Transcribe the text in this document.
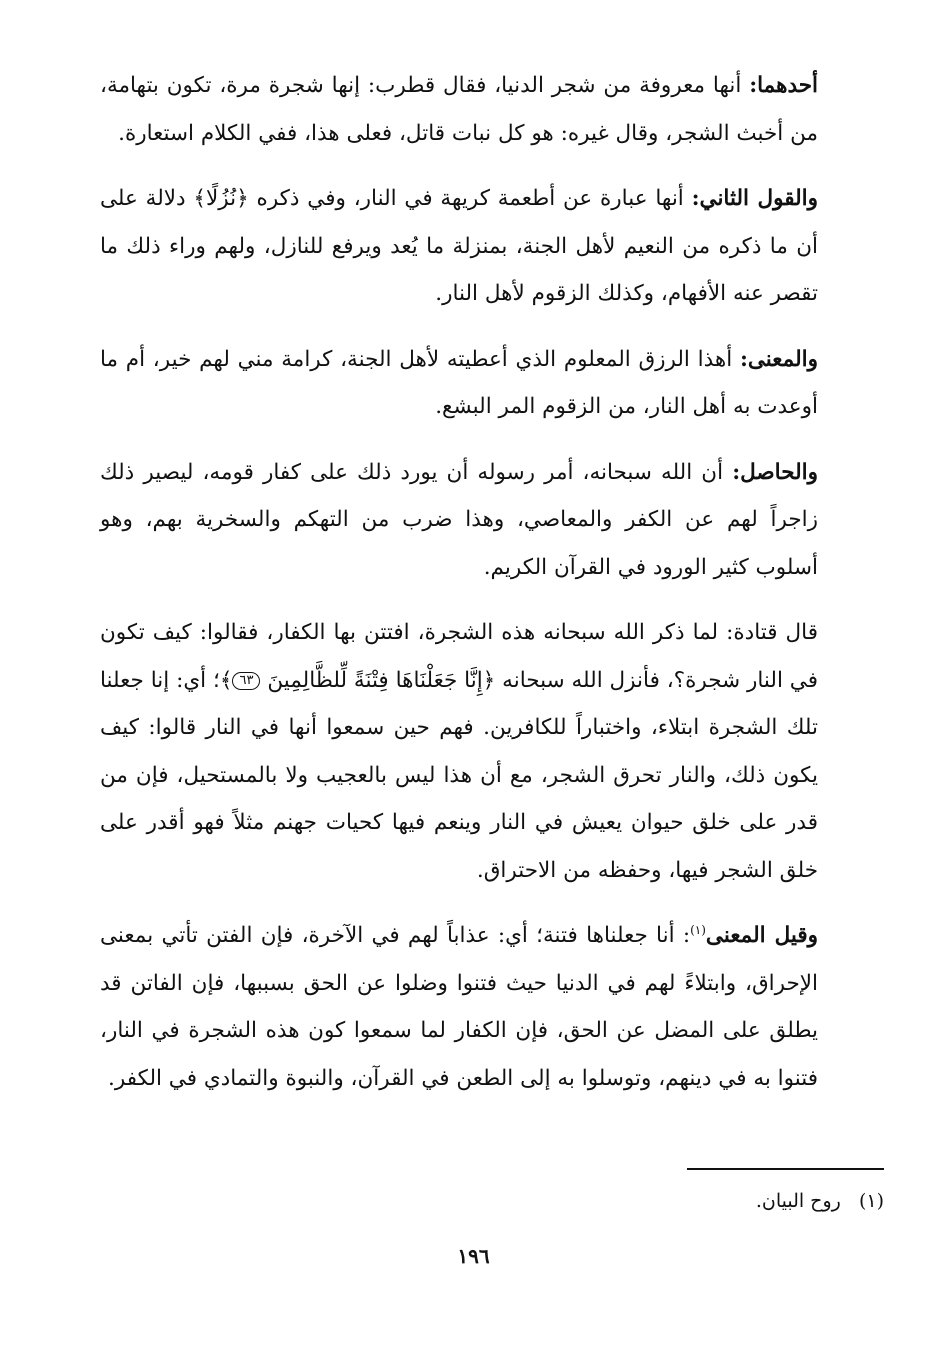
أحدهما: أنها معروفة من شجر الدنيا، فقال قطرب: إنها شجرة مرة، تكون بتهامة، من أخبث الشجر، وقال غيره: هو كل نبات قاتل، فعلى هذا، ففي الكلام استعارة.

والقول الثاني: أنها عبارة عن أطعمة كريهة في النار، وفي ذكره ﴿نُزُلًا﴾ دلالة على أن ما ذكره من النعيم لأهل الجنة، بمنزلة ما يُعد ويرفع للنازل، ولهم وراء ذلك ما تقصر عنه الأفهام، وكذلك الزقوم لأهل النار.

والمعنى: أهذا الرزق المعلوم الذي أعطيته لأهل الجنة، كرامة مني لهم خير، أم ما أوعدت به أهل النار، من الزقوم المر البشع.

والحاصل: أن الله سبحانه، أمر رسوله أن يورد ذلك على كفار قومه، ليصير ذلك زاجراً لهم عن الكفر والمعاصي، وهذا ضرب من التهكم والسخرية بهم، وهو أسلوب كثير الورود في القرآن الكريم.

قال قتادة: لما ذكر الله سبحانه هذه الشجرة، افتتن بها الكفار، فقالوا: كيف تكون في النار شجرة؟، فأنزل الله سبحانه ﴿إِنَّا جَعَلْنَاهَا فِتْنَةً لِّلظَّالِمِينَ ٦٣﴾؛ أي: إنا جعلنا تلك الشجرة ابتلاء، واختباراً للكافرين. فهم حين سمعوا أنها في النار قالوا: كيف يكون ذلك، والنار تحرق الشجر، مع أن هذا ليس بالعجيب ولا بالمستحيل، فإن من قدر على خلق حيوان يعيش في النار وينعم فيها كحيات جهنم مثلاً فهو أقدر على خلق الشجر فيها، وحفظه من الاحتراق.

وقيل المعنى$^{(١)}$: أنا جعلناها فتنة؛ أي: عذاباً لهم في الآخرة، فإن الفتن تأتي بمعنى الإحراق، وابتلاءً لهم في الدنيا حيث فتنوا وضلوا عن الحق بسببها، فإن الفاتن قد يطلق على المضل عن الحق، فإن الكفار لما سمعوا كون هذه الشجرة في النار، فتنوا به في دينهم، وتوسلوا به إلى الطعن في القرآن، والنبوة والتمادي في الكفر.

(١)   روح البيان.
١٩٦
